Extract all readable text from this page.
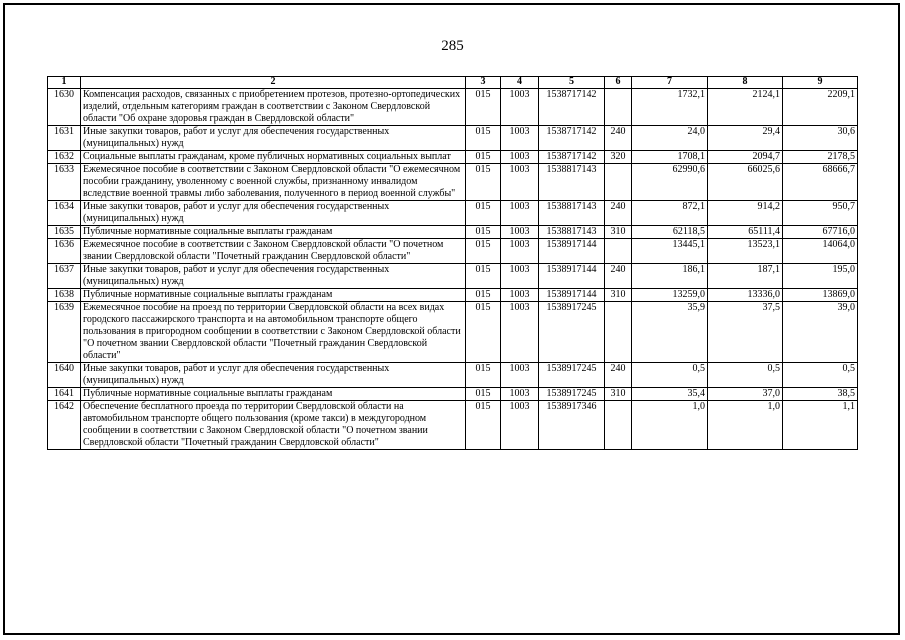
285
1	2	3	4	5	6	7	8	9
1630	Компенсация расходов, связанных с приобретением протезов, протезно-ортопедических изделий, отдельным категориям граждан в соответствии с Законом Свердловской области "Об охране здоровья граждан в Свердловской области"	015	1003	1538717142		1732,1	2124,1	2209,1
1631	Иные закупки товаров, работ и услуг для обеспечения государственных (муниципальных) нужд	015	1003	1538717142	240	24,0	29,4	30,6
1632	Социальные выплаты гражданам, кроме публичных нормативных социальных выплат	015	1003	1538717142	320	1708,1	2094,7	2178,5
1633	Ежемесячное пособие в соответствии с Законом Свердловской области "О ежемесячном пособии гражданину, уволенному с военной службы, признанному инвалидом вследствие военной травмы либо заболевания, полученного в период военной службы"	015	1003	1538817143		62990,6	66025,6	68666,7
1634	Иные закупки товаров, работ и услуг для обеспечения государственных (муниципальных) нужд	015	1003	1538817143	240	872,1	914,2	950,7
1635	Публичные нормативные социальные выплаты гражданам	015	1003	1538817143	310	62118,5	65111,4	67716,0
1636	Ежемесячное пособие в соответствии с Законом Свердловской области "О почетном звании Свердловской области "Почетный гражданин Свердловской области"	015	1003	1538917144		13445,1	13523,1	14064,0
1637	Иные закупки товаров, работ и услуг для обеспечения государственных (муниципальных) нужд	015	1003	1538917144	240	186,1	187,1	195,0
1638	Публичные нормативные социальные выплаты гражданам	015	1003	1538917144	310	13259,0	13336,0	13869,0
1639	Ежемесячное пособие на проезд по территории Свердловской области на всех видах городского пассажирского транспорта и на автомобильном транспорте общего пользования в пригородном сообщении в соответствии с Законом Свердловской области "О почетном звании Свердловской области "Почетный гражданин Свердловской области"	015	1003	1538917245		35,9	37,5	39,0
1640	Иные закупки товаров, работ и услуг для обеспечения государственных (муниципальных) нужд	015	1003	1538917245	240	0,5	0,5	0,5
1641	Публичные нормативные социальные выплаты гражданам	015	1003	1538917245	310	35,4	37,0	38,5
1642	Обеспечение бесплатного проезда по территории Свердловской области на автомобильном транспорте общего пользования (кроме такси) в междугородном сообщении в соответствии с Законом Свердловской области "О почетном звании Свердловской области "Почетный гражданин Свердловской области"	015	1003	1538917346		1,0	1,0	1,1
